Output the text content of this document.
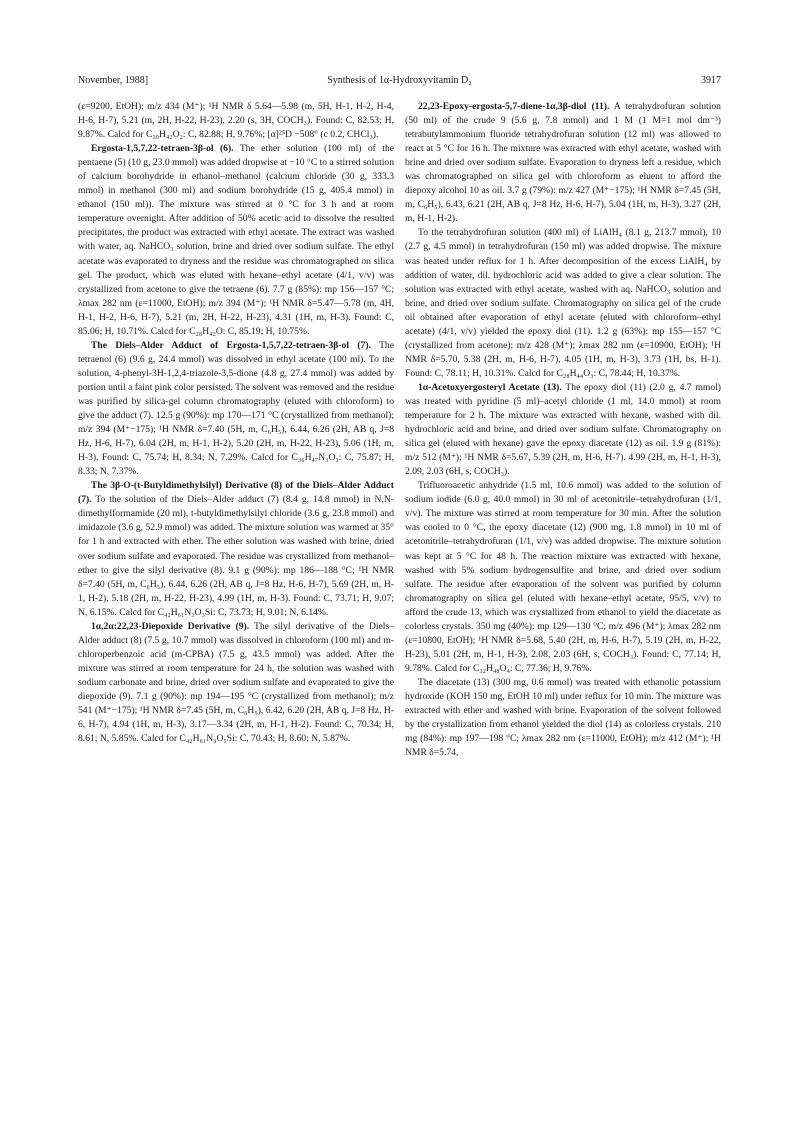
November, 1988]	Synthesis of 1α-Hydroxyvitamin D₂	3917

(ε=9200, EtOH); m/z 434 (M⁺); ¹H NMR δ 5.64—5.98 (m, 5H, H-1, H-2, H-4, H-6, H-7), 5.21 (m, 2H, H-22, H-23), 2.20 (s, 3H, COCH₃). Found: C, 82.53; H, 9.87%. Calcd for C₃₀H₄₂O₂: C, 82.88; H, 9.76%; [α]²⁵D −508° (c 0.2, CHCl₃).

Ergosta-1,5,7,22-tetraen-3β-ol (6). The ether solution (100 ml) of the pentaene (5) (10 g, 23.0 mmol) was added dropwise at −10 °C to a stirred solution of calcium borohydride in ethanol–methanol (calcium chloride (30 g, 333.3 mmol) in methanol (300 ml) and sodium borohydride (15 g, 405.4 mmol) in ethanol (150 ml)). The mixture was stirred at 0 °C for 3 h and at room temperature overnight. After addition of 50% acetic acid to dissolve the resulted precipitates, the product was extracted with ethyl acetate. The extract was washed with water, aq. NaHCO₃ solution, brine and dried over sodium sulfate. The ethyl acetate was evaporated to dryness and the residue was chromatographed on silica gel. The product, which was eluted with hexane–ethyl acetate (4/1, v/v) was crystallized from acetone to give the tetraene (6). 7.7 g (85%): mp 156—157 °C; λmax 282 nm (ε=11000, EtOH); m/z 394 (M⁺); ¹H NMR δ=5.47—5.78 (m, 4H, H-1, H-2, H-6, H-7), 5.21 (m, 2H, H-22, H-23), 4.31 (1H, m, H-3). Found: C, 85.06; H, 10.71%. Calcd for C₂₈H₄₂O: C, 85.19; H, 10.75%.

The Diels–Alder Adduct of Ergosta-1,5,7,22-tetraen-3β-ol (7). The tetraenol (6) (9.6 g, 24.4 mmol) was dissolved in ethyl acetate (100 ml). To the solution, 4-phenyl-3H-1,2,4-triazole-3,5-dione (4.8 g, 27.4 mmol) was added by portion until a faint pink color persisted. The solvent was removed and the residue was purified by silica-gel column chromatography (eluted with chloroform) to give the adduct (7). 12.5 g (90%): mp 170—171 °C (crystallized from methanol); m/z 394 (M⁺−175); ¹H NMR δ=7.40 (5H, m, C₆H₅), 6.44, 6.26 (2H, AB q, J=8 Hz, H-6, H-7), 6.04 (2H, m, H-1, H-2), 5.20 (2H, m, H-22, H-23), 5.06 (1H, m, H-3). Found: C, 75.74; H, 8.34; N, 7.29%. Calcd for C₃₆H₄₇N₃O₃: C, 75.87; H, 8.33; N, 7.37%.

The 3β-O-(t-Butyldimethylsilyl) Derivative (8) of the Diels–Alder Adduct (7). To the solution of the Diels–Alder adduct (7) (8.4 g, 14.8 mmol) in N,N-dimethylformamide (20 ml), t-butyldimethylsilyl chloride (3.6 g, 23.8 mmol) and imidazole (3.6 g, 52.9 mmol) was added. The mixture solution was warmed at 35° for 1 h and extracted with ether. The ether solution was washed with brine, dried over sodium sulfate and evaporated. The residue was crystallized from methanol–ether to give the silyl derivative (8). 9.1 g (90%): mp 186—188 °C; ¹H NMR δ=7.40 (5H, m, C₆H₅), 6.44, 6.26 (2H, AB q, J=8 Hz, H-6, H-7), 5.69 (2H, m, H-1, H-2), 5.18 (2H, m, H-22, H-23), 4.99 (1H, m, H-3). Found: C, 73.71; H, 9.07; N, 6.15%. Calcd for C₄₂H₆₁N₃O₃Si: C, 73.73; H, 9.01; N, 6.14%.

1α,2α:22,23-Diepoxide Derivative (9). The silyl derivative of the Diels–Alder adduct (8) (7.5 g, 10.7 mmol) was dissolved in chloroform (100 ml) and m-chloroperbenzoic acid (m-CPBA) (7.5 g, 43.5 mmol) was added. After the mixture was stirred at room temperature for 24 h, the solution was washed with sodium carbonate and brine, dried over sodium sulfate and evaporated to give the diepoxide (9). 7.1 g (90%): mp 194—195 °C (crystallized from methanol); m/z 541 (M⁺−175); ¹H NMR δ=7.45 (5H, m, C₆H₅), 6.42, 6.20 (2H, AB q, J=8 Hz, H-6, H-7), 4.94 (1H, m, H-3), 3.17—3.34 (2H, m, H-1, H-2). Found: C, 70.34; H, 8.61; N, 5.85%. Calcd for C₄₂H₆₁N₃O₅Si: C, 70.43; H, 8.60; N, 5.87%.

22,23-Epoxy-ergosta-5,7-diene-1α,3β-diol (11). A tetrahydrofuran solution (50 ml) of the crude 9 (5.6 g, 7.8 mmol) and 1 M (1 M=1 mol dm⁻³) tetrabutylammonium fluoride tetrahydrofuran solution (12 ml) was allowed to react at 5 °C for 16 h. The mixture was extracted with ethyl acetate, washed with brine and dried over sodium sulfate. Evaporation to dryness left a residue, which was chromatographed on silica gel with chloroform as eluent to afford the diepoxy alcohol 10 as oil. 3.7 g (79%): m/z 427 (M⁺−175); ¹H NMR δ=7.45 (5H, m, C₆H₅), 6.43, 6.21 (2H, AB q, J=8 Hz, H-6, H-7), 5.04 (1H, m, H-3), 3.27 (2H, m, H-1, H-2).

To the tetrahydrofuran solution (400 ml) of LiAlH₄ (8.1 g, 213.7 mmol), 10 (2.7 g, 4.5 mmol) in tetrahydrofuran (150 ml) was added dropwise. The mixture was heated under reflux for 1 h. After decomposition of the excess LiAlH₄ by addition of water, dil. hydrochloric acid was added to give a clear solution. The solution was extracted with ethyl acetate, washed with aq. NaHCO₃ solution and brine, and dried over sodium sulfate. Chromatography on silica gel of the crude oil obtained after evaporation of ethyl acetate (eluted with chloroform–ethyl acetate) (4/1, v/v) yielded the epoxy diol (11). 1.2 g (63%): mp 155—157 °C (crystallized from acetone); m/z 428 (M⁺); λmax 282 nm (ε=10900, EtOH); ¹H NMR δ=5.70, 5.38 (2H, m, H-6, H-7), 4.05 (1H, m, H-3), 3.73 (1H, bs, H-1). Found: C, 78.11; H, 10.31%. Calcd for C₂₈H₄₄O₃: C, 78.44; H, 10.37%.

1α-Acetoxyergosteryl Acetate (13). The epoxy diol (11) (2.0 g, 4.7 mmol) was treated with pyridine (5 ml)–acetyl chloride (1 ml, 14.0 mmol) at room temperature for 2 h. The mixture was extracted with hexane, washed with dil. hydrochloric acid and brine, and dried over sodium sulfate. Chromatography on silica gel (eluted with hexane) gave the epoxy diacetate (12) as oil. 1.9 g (81%): m/z 512 (M⁺); ¹H NMR δ=5.67, 5.39 (2H, m, H-6, H-7). 4.99 (2H, m, H-1, H-3), 2.09, 2.03 (6H, s, COCH₃).

Trifluoroacetic anhydride (1.5 ml, 10.6 mmol) was added to the solution of sodium iodide (6.0 g, 40.0 mmol) in 30 ml of acetonitrile–tetrahydrofuran (1/1, v/v). The mixture was stirred at room temperature for 30 min. After the solution was cooled to 0 °C, the epoxy diacetate (12) (900 mg, 1.8 mmol) in 10 ml of acetonitrile–tetrahydrofuran (1/1, v/v) was added dropwise. The mixture solution was kept at 5 °C for 48 h. The reaction mixture was extracted with hexane, washed with 5% sodium hydrogensulfite and brine, and dried over sodium sulfate. The residue after evaporation of the solvent was purified by column chromatography on silica gel (eluted with hexane–ethyl acetate, 95/5, v/v) to afford the crude 13, which was crystallized from ethanol to yield the diacetate as colorless crystals. 350 mg (40%): mp 129—130 °C; m/z 496 (M⁺); λmax 282 nm (ε=10800, EtOH); ¹H NMR δ=5.68, 5.40 (2H, m, H-6, H-7), 5.19 (2H, m, H-22, H-23), 5.01 (2H, m, H-1, H-3), 2.08, 2.03 (6H, s, COCH₃). Found: C, 77.14; H, 9.78%. Calcd for C₃₂H₄₈O₄: C, 77.36; H, 9.76%.

The diacetate (13) (300 mg, 0.6 mmol) was treated with ethanolic potassium hydroxide (KOH 150 mg, EtOH 10 ml) under reflux for 10 min. The mixture was extracted with ether and washed with brine. Evaporation of the solvent followed by the crystallization from ethanol yielded the diol (14) as colorless crystals. 210 mg (84%): mp 197—198 °C; λmax 282 nm (ε=11000, EtOH); m/z 412 (M⁺); ¹H NMR δ=5.74,
